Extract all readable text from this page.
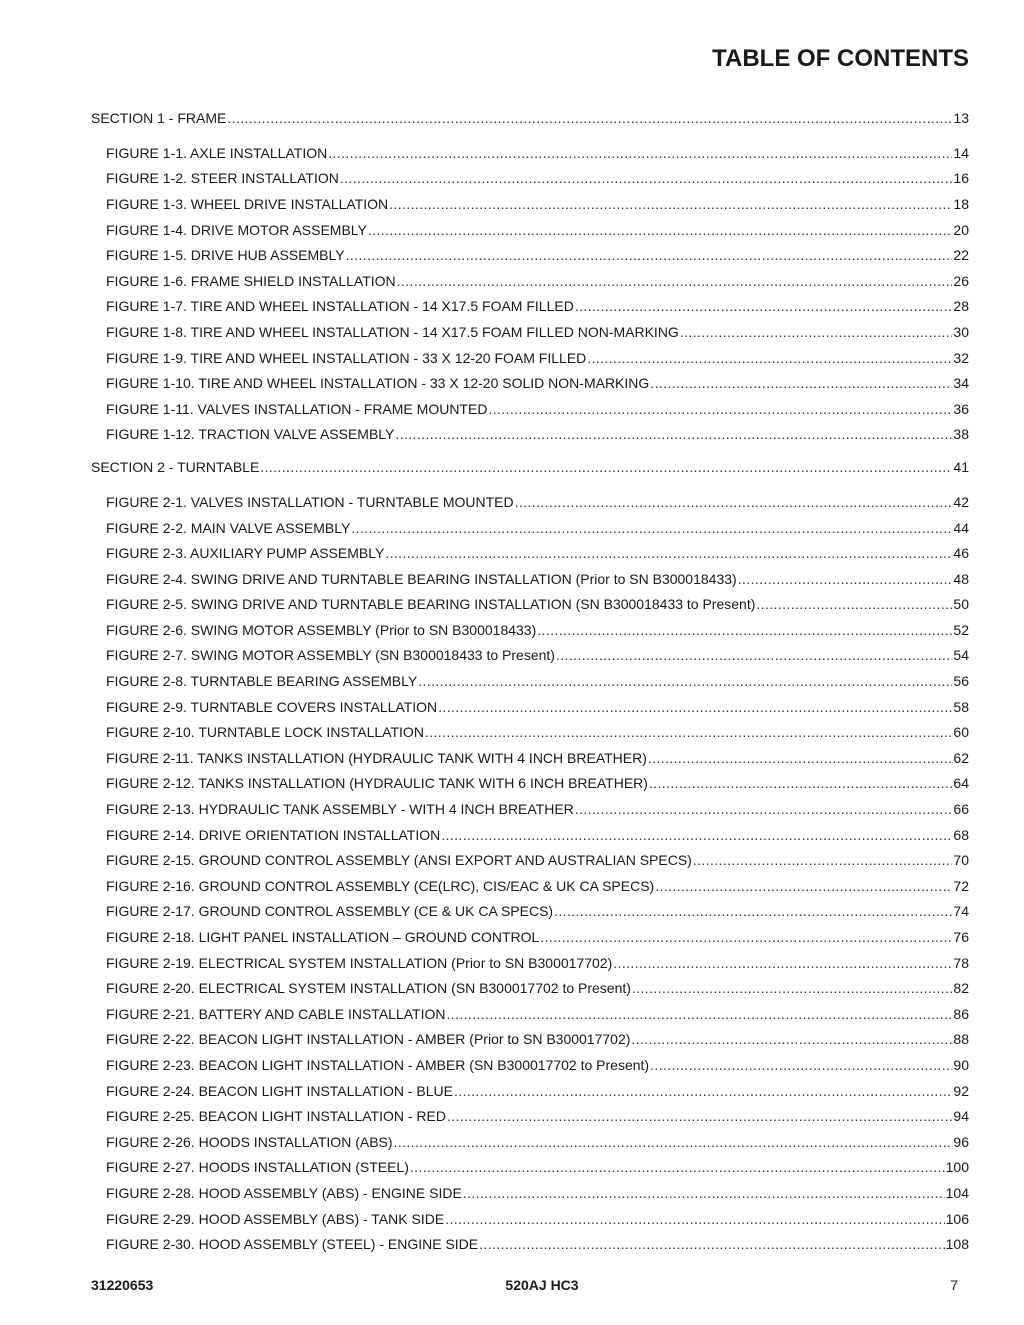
TABLE OF CONTENTS
SECTION 1 - FRAME .....	13
FIGURE 1-1. AXLE INSTALLATION .....	14
FIGURE 1-2. STEER INSTALLATION .....	16
FIGURE 1-3. WHEEL DRIVE INSTALLATION .....	18
FIGURE 1-4. DRIVE MOTOR ASSEMBLY .....	20
FIGURE 1-5. DRIVE HUB ASSEMBLY .....	22
FIGURE 1-6. FRAME SHIELD INSTALLATION .....	26
FIGURE 1-7. TIRE AND WHEEL INSTALLATION - 14 X17.5 FOAM FILLED .....	28
FIGURE 1-8. TIRE AND WHEEL INSTALLATION - 14 X17.5 FOAM FILLED NON-MARKING .....	30
FIGURE 1-9. TIRE AND WHEEL INSTALLATION - 33 X 12-20 FOAM FILLED .....	32
FIGURE 1-10. TIRE AND WHEEL INSTALLATION - 33 X 12-20 SOLID NON-MARKING .....	34
FIGURE 1-11. VALVES INSTALLATION - FRAME MOUNTED .....	36
FIGURE 1-12. TRACTION VALVE ASSEMBLY .....	38
SECTION 2 - TURNTABLE .....	41
FIGURE 2-1. VALVES INSTALLATION - TURNTABLE MOUNTED .....	42
FIGURE 2-2. MAIN VALVE ASSEMBLY .....	44
FIGURE 2-3. AUXILIARY PUMP ASSEMBLY .....	46
FIGURE 2-4. SWING DRIVE AND TURNTABLE BEARING INSTALLATION (Prior to SN B300018433) .....	48
FIGURE 2-5. SWING DRIVE AND TURNTABLE BEARING INSTALLATION (SN B300018433 to Present) .....	50
FIGURE 2-6. SWING MOTOR ASSEMBLY (Prior to SN B300018433) .....	52
FIGURE 2-7. SWING MOTOR ASSEMBLY (SN B300018433 to Present) .....	54
FIGURE 2-8. TURNTABLE BEARING ASSEMBLY .....	56
FIGURE 2-9. TURNTABLE COVERS INSTALLATION .....	58
FIGURE 2-10. TURNTABLE LOCK INSTALLATION .....	60
FIGURE 2-11. TANKS INSTALLATION (HYDRAULIC TANK WITH 4 INCH BREATHER) .....	62
FIGURE 2-12. TANKS INSTALLATION (HYDRAULIC TANK WITH 6 INCH BREATHER) .....	64
FIGURE 2-13. HYDRAULIC TANK ASSEMBLY - WITH 4 INCH BREATHER .....	66
FIGURE 2-14. DRIVE ORIENTATION INSTALLATION .....	68
FIGURE 2-15. GROUND CONTROL ASSEMBLY (ANSI EXPORT AND AUSTRALIAN SPECS) .....	70
FIGURE 2-16. GROUND CONTROL ASSEMBLY (CE(LRC), CIS/EAC & UK CA SPECS) .....	72
FIGURE 2-17. GROUND CONTROL ASSEMBLY (CE & UK CA SPECS) .....	74
FIGURE 2-18. LIGHT PANEL INSTALLATION – GROUND CONTROL .....	76
FIGURE 2-19. ELECTRICAL SYSTEM INSTALLATION (Prior to SN B300017702) .....	78
FIGURE 2-20. ELECTRICAL SYSTEM INSTALLATION (SN B300017702 to Present) .....	82
FIGURE 2-21. BATTERY AND CABLE INSTALLATION .....	86
FIGURE 2-22. BEACON LIGHT INSTALLATION - AMBER (Prior to SN B300017702) .....	88
FIGURE 2-23. BEACON LIGHT INSTALLATION - AMBER (SN B300017702 to Present) .....	90
FIGURE 2-24. BEACON LIGHT INSTALLATION - BLUE .....	92
FIGURE 2-25. BEACON LIGHT INSTALLATION - RED .....	94
FIGURE 2-26. HOODS INSTALLATION (ABS) .....	96
FIGURE 2-27. HOODS INSTALLATION (STEEL) .....	100
FIGURE 2-28. HOOD ASSEMBLY (ABS) - ENGINE SIDE .....	104
FIGURE 2-29. HOOD ASSEMBLY (ABS) - TANK SIDE .....	106
FIGURE 2-30. HOOD ASSEMBLY (STEEL) - ENGINE SIDE .....	108
31220653	520AJ HC3	7
